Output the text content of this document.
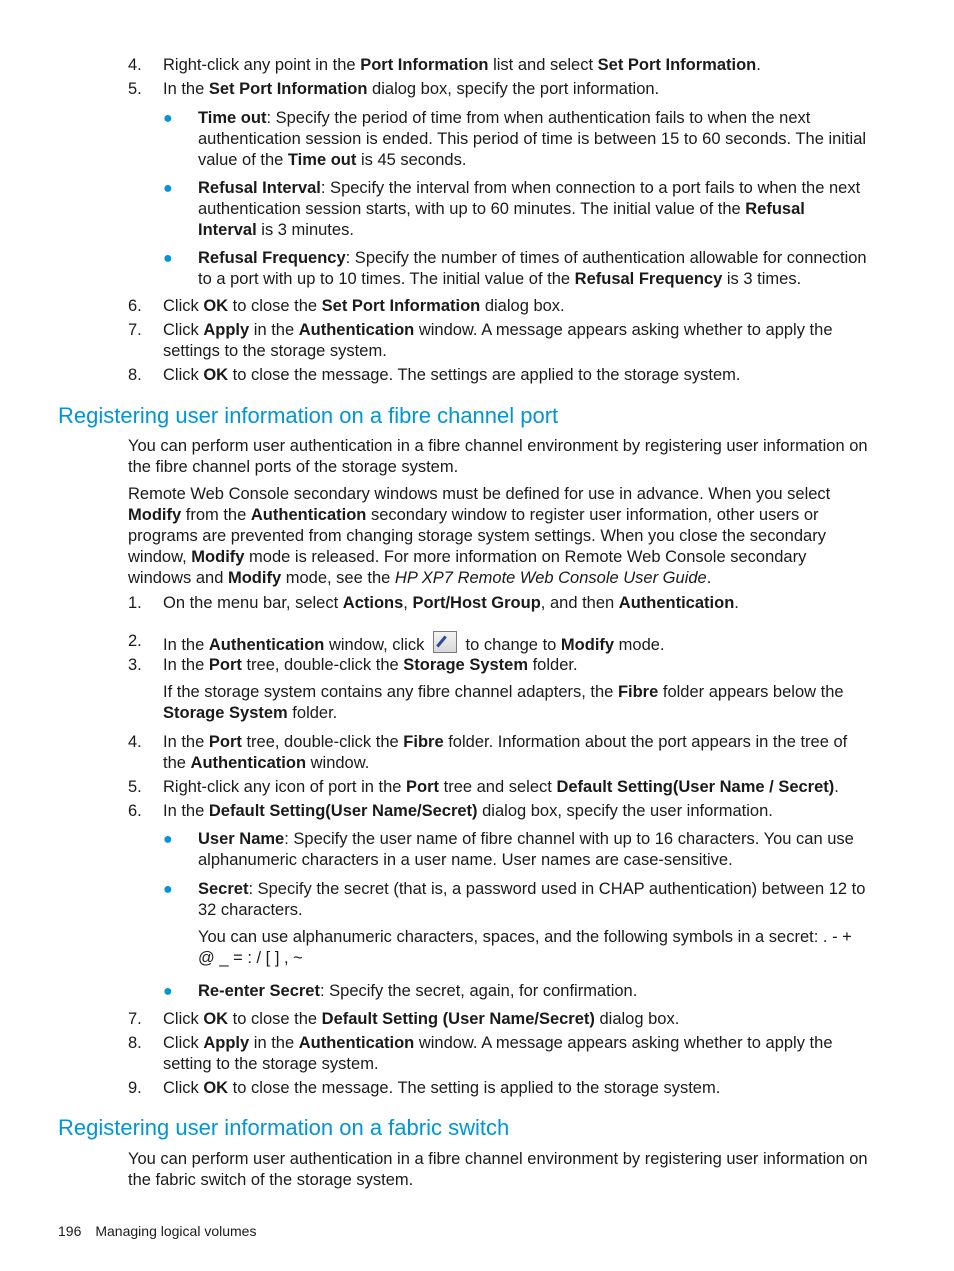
4.	Right-click any point in the Port Information list and select Set Port Information.
5.	In the Set Port Information dialog box, specify the port information.
● Time out: Specify the period of time from when authentication fails to when the next authentication session is ended. This period of time is between 15 to 60 seconds. The initial value of the Time out is 45 seconds.
● Refusal Interval: Specify the interval from when connection to a port fails to when the next authentication session starts, with up to 60 minutes. The initial value of the Refusal Interval is 3 minutes.
● Refusal Frequency: Specify the number of times of authentication allowable for connection to a port with up to 10 times. The initial value of the Refusal Frequency is 3 times.
6.	Click OK to close the Set Port Information dialog box.
7.	Click Apply in the Authentication window. A message appears asking whether to apply the settings to the storage system.
8.	Click OK to close the message. The settings are applied to the storage system.
Registering user information on a fibre channel port

You can perform user authentication in a fibre channel environment by registering user information on the fibre channel ports of the storage system.

Remote Web Console secondary windows must be defined for use in advance. When you select Modify from the Authentication secondary window to register user information, other users or programs are prevented from changing storage system settings. When you close the secondary window, Modify mode is released. For more information on Remote Web Console secondary windows and Modify mode, see the HP XP7 Remote Web Console User Guide.

1.	On the menu bar, select Actions, Port/Host Group, and then Authentication.
2.	In the Authentication window, click  to change to Modify mode.
3.	In the Port tree, double-click the Storage System folder.

If the storage system contains any fibre channel adapters, the Fibre folder appears below the Storage System folder.

4.	In the Port tree, double-click the Fibre folder. Information about the port appears in the tree of the Authentication window.
5.	Right-click any icon of port in the Port tree and select Default Setting(User Name / Secret).
6.	In the Default Setting(User Name/Secret) dialog box, specify the user information.
● User Name: Specify the user name of fibre channel with up to 16 characters. You can use alphanumeric characters in a user name. User names are case-sensitive.
● Secret: Specify the secret (that is, a password used in CHAP authentication) between 12 to 32 characters.

You can use alphanumeric characters, spaces, and the following symbols in a secret: . - + @ _ = : / [ ] , ~

● Re-enter Secret: Specify the secret, again, for confirmation.
7.	Click OK to close the Default Setting (User Name/Secret) dialog box.
8.	Click Apply in the Authentication window. A message appears asking whether to apply the setting to the storage system.
9.	Click OK to close the message. The setting is applied to the storage system.
Registering user information on a fabric switch

You can perform user authentication in a fibre channel environment by registering user information on the fabric switch of the storage system.

196 Managing logical volumes
